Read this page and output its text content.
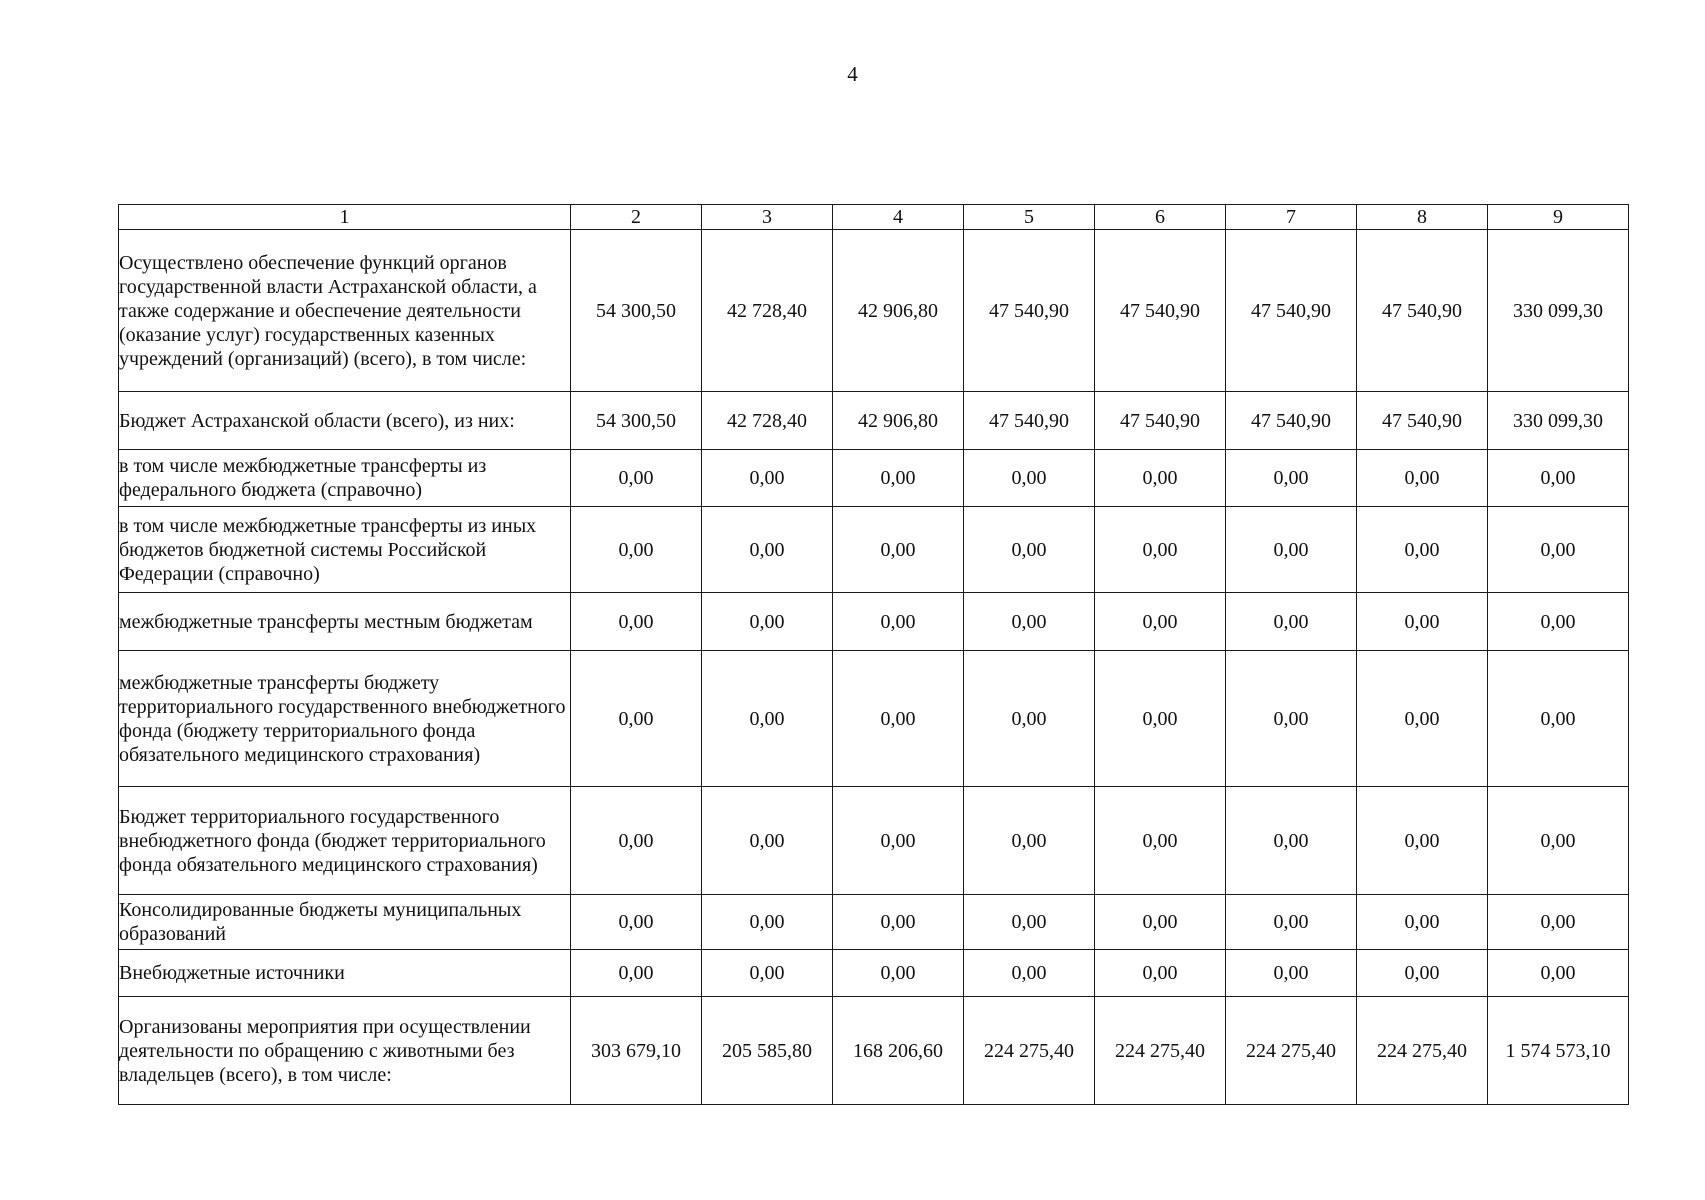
4
1	2	3	4	5	6	7	8	9
Осуществлено обеспечение функций органов государственной власти Астраханской области, а также содержание и обеспечение деятельности (оказание услуг) государственных казенных учреждений (организаций) (всего), в том числе:	54 300,50	42 728,40	42 906,80	47 540,90	47 540,90	47 540,90	47 540,90	330 099,30
Бюджет Астраханской области (всего), из них:	54 300,50	42 728,40	42 906,80	47 540,90	47 540,90	47 540,90	47 540,90	330 099,30
в том числе межбюджетные трансферты из федерального бюджета (справочно)	0,00	0,00	0,00	0,00	0,00	0,00	0,00	0,00
в том числе межбюджетные трансферты из иных бюджетов бюджетной системы Российской Федерации (справочно)	0,00	0,00	0,00	0,00	0,00	0,00	0,00	0,00
межбюджетные трансферты местным бюджетам	0,00	0,00	0,00	0,00	0,00	0,00	0,00	0,00
межбюджетные трансферты бюджету территориального государственного внебюджетного фонда (бюджету территориального фонда обязательного медицинского страхования)	0,00	0,00	0,00	0,00	0,00	0,00	0,00	0,00
Бюджет территориального государственного внебюджетного фонда (бюджет территориального фонда обязательного медицинского страхования)	0,00	0,00	0,00	0,00	0,00	0,00	0,00	0,00
Консолидированные бюджеты муниципальных образований	0,00	0,00	0,00	0,00	0,00	0,00	0,00	0,00
Внебюджетные источники	0,00	0,00	0,00	0,00	0,00	0,00	0,00	0,00
Организованы мероприятия при осуществлении деятельности по обращению с животными без владельцев (всего), в том числе:	303 679,10	205 585,80	168 206,60	224 275,40	224 275,40	224 275,40	224 275,40	1 574 573,10
